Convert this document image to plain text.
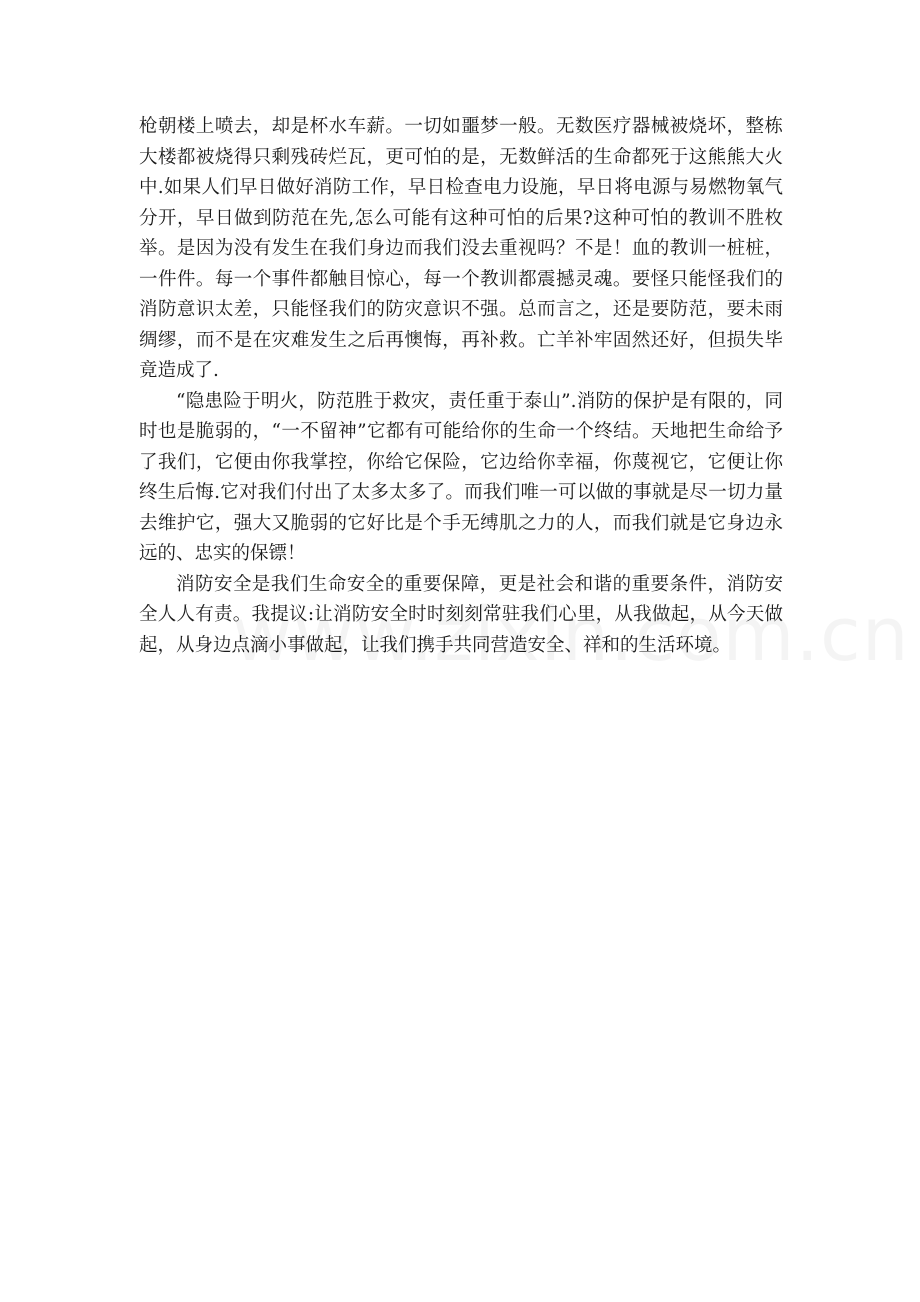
枪朝楼上喷去，却是杯水车薪。一切如噩梦一般。无数医疗器械被烧坏，整栋大楼都被烧得只剩残砖烂瓦，更可怕的是，无数鲜活的生命都死于这熊熊大火中.如果人们早日做好消防工作，早日检查电力设施，早日将电源与易燃物氧气分开，早日做到防范在先,怎么可能有这种可怕的后果?这种可怕的教训不胜枚举。是因为没有发生在我们身边而我们没去重视吗？不是！血的教训一桩桩，一件件。每一个事件都触目惊心，每一个教训都震撼灵魂。要怪只能怪我们的消防意识太差，只能怪我们的防灾意识不强。总而言之，还是要防范，要未雨绸缪，而不是在灾难发生之后再懊悔，再补救。亡羊补牢固然还好，但损失毕竟造成了.

“隐患险于明火，防范胜于救灾，责任重于泰山”.消防的保护是有限的，同时也是脆弱的，“一不留神”它都有可能给你的生命一个终结。天地把生命给予了我们，它便由你我掌控，你给它保险，它边给你幸福，你蔑视它，它便让你终生后悔.它对我们付出了太多太多了。而我们唯一可以做的事就是尽一切力量去维护它，强大又脆弱的它好比是个手无缚肌之力的人，而我们就是它身边永远的、忠实的保镖！

消防安全是我们生命安全的重要保障，更是社会和谐的重要条件，消防安全人人有责。我提议:让消防安全时时刻刻常驻我们心里，从我做起，从今天做起，从身边点滴小事做起，让我们携手共同营造安全、祥和的生活环境。
